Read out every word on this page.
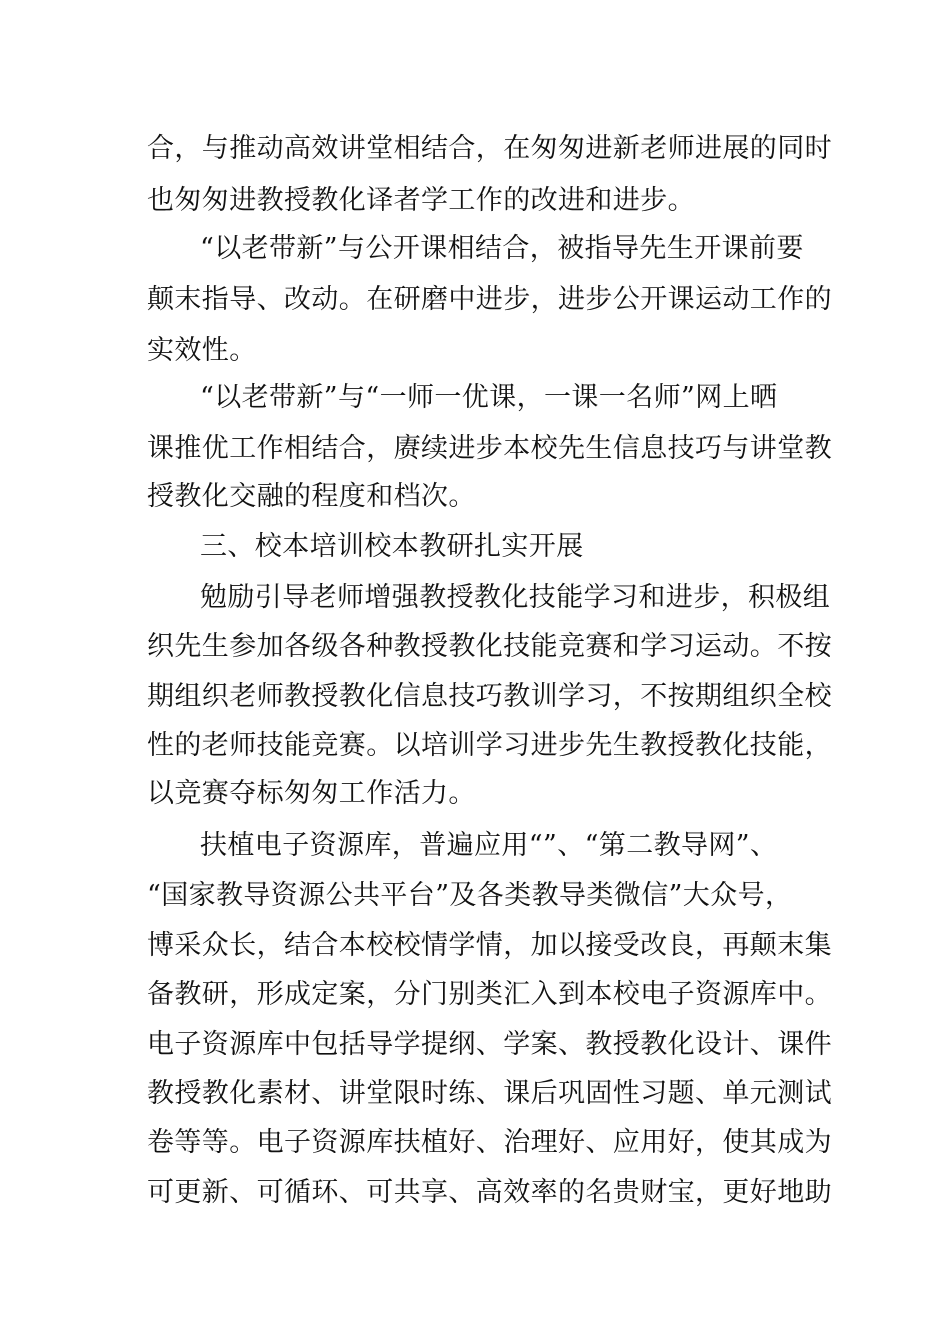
合，与推动高效讲堂相结合，在匆匆进新老师进展的同时
也匆匆进教授教化译者学工作的改进和进步。
“以老带新”与公开课相结合，被指导先生开课前要
颠末指导、改动。在研磨中进步，进步公开课运动工作的
实效性。
“以老带新”与“一师一优课，一课一名师”网上晒
课推优工作相结合，赓续进步本校先生信息技巧与讲堂教
授教化交融的程度和档次。
三、校本培训校本教研扎实开展
勉励引导老师增强教授教化技能学习和进步，积极组
织先生参加各级各种教授教化技能竞赛和学习运动。不按
期组织老师教授教化信息技巧教训学习，不按期组织全校
性的老师技能竞赛。以培训学习进步先生教授教化技能，
以竞赛夺标匆匆工作活力。
扶植电子资源库，普遍应用“”、“第二教导网”、
“国家教导资源公共平台”及各类教导类微信”大众号，
博采众长，结合本校校情学情，加以接受改良，再颠末集
备教研，形成定案，分门别类汇入到本校电子资源库中。
电子资源库中包括导学提纲、学案、教授教化设计、课件
教授教化素材、讲堂限时练、课后巩固性习题、单元测试
卷等等。电子资源库扶植好、治理好、应用好，使其成为
可更新、可循环、可共享、高效率的名贵财宝，更好地助
